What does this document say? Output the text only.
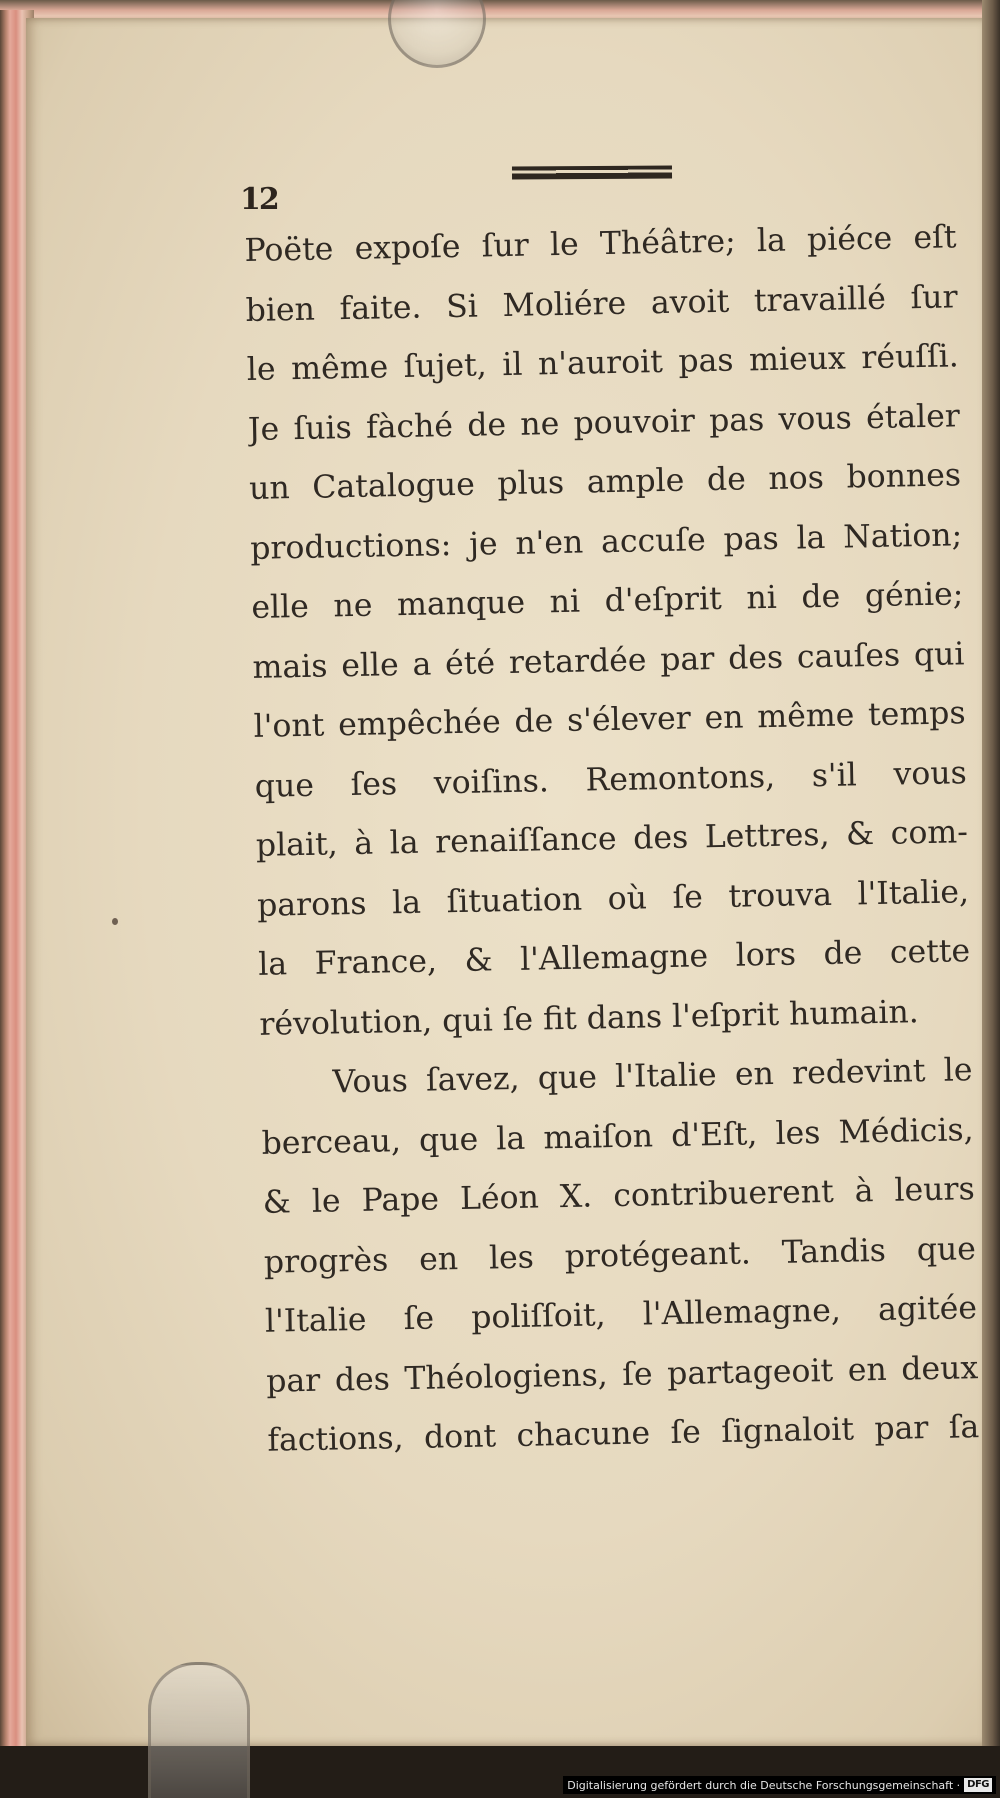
12
Poëte expoſe ſur le Théâtre; la piéce eſt
bien faite. Si Moliére avoit travaillé ſur
le même ſujet, il n'auroit pas mieux réuſſi.
Je ſuis fàché de ne pouvoir pas vous étaler
un Catalogue plus ample de nos bonnes
productions: je n'en accuſe pas la Nation;
elle ne manque ni d'eſprit ni de génie;
mais elle a été retardée par des cauſes qui
l'ont empêchée de s'élever en même temps
que ſes voiſins. Remontons, s'il vous
plait, à la renaiſſance des Lettres, & com-
parons la ſituation où ſe trouva l'Italie,
la France, & l'Allemagne lors de cette
révolution, qui ſe fit dans l'eſprit humain.
Vous ſavez, que l'Italie en redevint le
berceau, que la maiſon d'Eſt, les Médicis,
& le Pape Léon X. contribuerent à leurs
progrès en les protégeant. Tandis que
l'Italie ſe poliſſoit, l'Allemagne, agitée
par des Théologiens, ſe partageoit en deux
factions, dont chacune ſe ſignaloit par ſa
Digitalisierung gefördert durch die Deutsche Forschungsgemeinschaft · DFG
